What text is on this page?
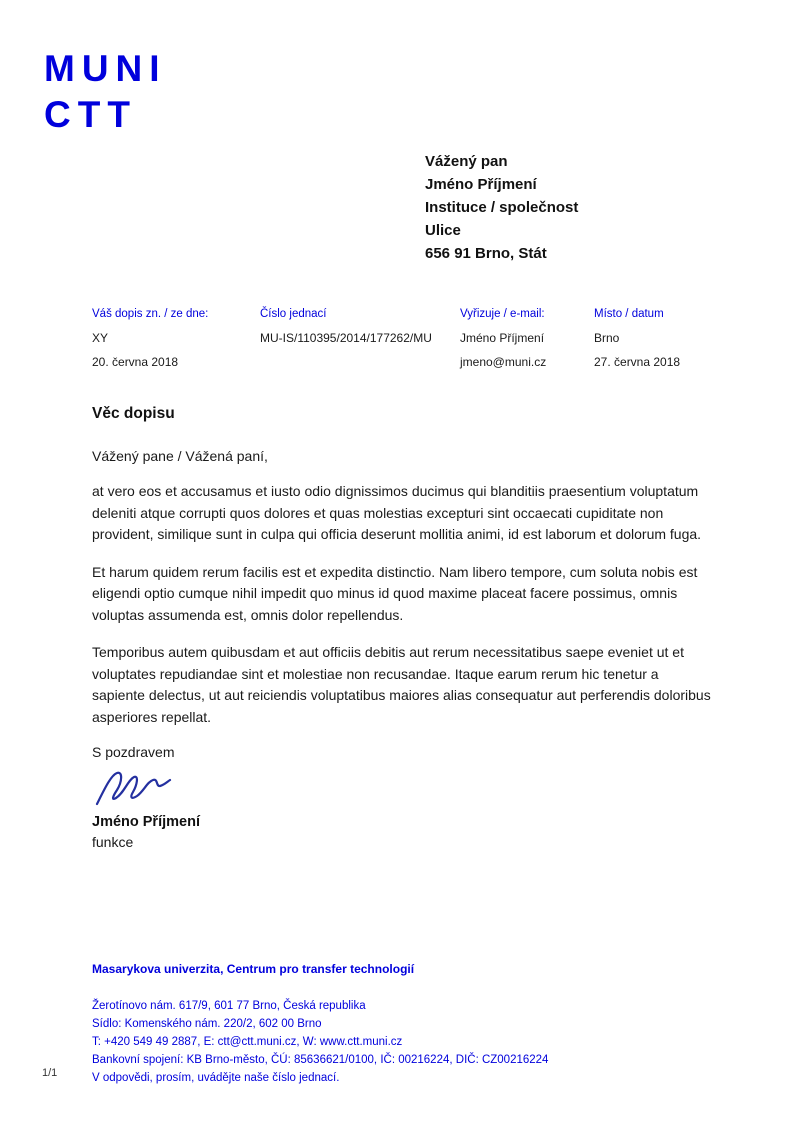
MUNI
CTT
Vážený pan
Jméno Příjmení
Instituce / společnost
Ulice
656 91 Brno, Stát
Váš dopis zn. / ze dne:
XY
20. června 2018
Číslo jednací
MU-IS/110395/2014/177262/MU
Vyřizuje / e-mail:
Jméno Příjmení
jmeno@muni.cz
Místo / datum
Brno
27. června 2018
Věc dopisu
Vážený pane / Vážená paní,

at vero eos et accusamus et iusto odio dignissimos ducimus qui blanditiis praesentium voluptatum deleniti atque corrupti quos dolores et quas molestias excepturi sint occaecati cupiditate non provident, similique sunt in culpa qui officia deserunt mollitia animi, id est laborum et dolorum fuga.

Et harum quidem rerum facilis est et expedita distinctio. Nam libero tempore, cum soluta nobis est eligendi optio cumque nihil impedit quo minus id quod maxime placeat facere possimus, omnis voluptas assumenda est, omnis dolor repellendus.

Temporibus autem quibusdam et aut officiis debitis aut rerum necessitatibus saepe eveniet ut et voluptates repudiandae sint et molestiae non recusandae. Itaque earum rerum hic tenetur a sapiente delectus, ut aut reiciendis voluptatibus maiores alias consequatur aut perferendis doloribus asperiores repellat.

S pozdravem
Jméno Příjmení
funkce
Masarykova univerzita, Centrum pro transfer technologií
Žerotínovo nám. 617/9, 601 77 Brno, Česká republika
Sídlo: Komenského nám. 220/2, 602 00 Brno
T: +420 549 49 2887, E: ctt@ctt.muni.cz, W: www.ctt.muni.cz
Bankovní spojení: KB Brno-město, ČÚ: 85636621/0100, IČ: 00216224, DIČ: CZ00216224
V odpovědi, prosím, uvádějte naše číslo jednací.
1/1
